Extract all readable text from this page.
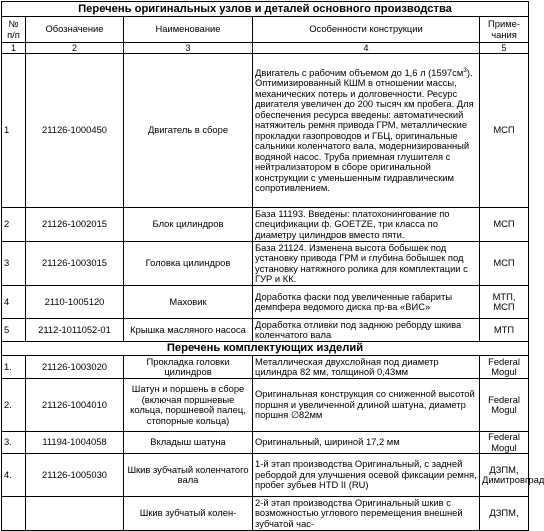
Перечень оригинальных узлов и деталей основного производства				
№ п/п	Обозначение	Наименование	Особенности конструкции	Приме-чания
1	2	3	4	5
1	21126-1000450	Двигатель в сборе	Двигатель с рабочим объемом до 1,6 л $(1597см^3)$. Оптимизированный КШМ в отношении массы, механических потерь и долговечности. Ресурс двигателя увеличен до 200 тысяч км пробега. Для обеспечения ресурса введены: автоматический натяжитель ремня привода ГРМ, металлические прокладки газопроводов и ГБЦ, оригинальные сальники коленчатого вала, модернизированный водяной насос. Труба приемная глушителя с нейтрализатором в сборе оригинальной конструкции с уменьшенным гидравлическим сопротивлением.	МСП
2	21126-1002015	Блок цилиндров	База 11193. Введены: платохонингование по спецификации ф. GOETZE, три класса по диаметру цилиндров вместо пяти.	МСП
3	21126-1003015	Головка цилиндров	База 21124. Изменена высота бобышек под установку привода ГРМ и глубина бобышек под установку натяжного ролика для комплектации с ГУР и КК.	МСП
4	2110-1005120	Маховик	Доработка фаски под увеличенные габариты демпфера ведомого диска пр-ва «ВИС»	МТП, МСП
5	2112-1011052-01	Крышка масляного насоса	Доработка отливки под заднюю реборду шкива коленчатого вала	МТП
Перечень комплектующих изделий				
1.	21126-1003020	Прокладка головки цилиндров	Металлическая двухслойная под диаметр цилиндра 82 мм, толщиной 0,43мм	Federal Mogul
2.	21126-1004010	Шатун и поршень в сборе (включая поршневые кольца, поршневой палец, стопорные кольца)	Оригинальная конструкция со сниженной высотой поршня и увеличенной длиной шатуна, диаметр поршня ∅82мм	Federal Mogul
3.	11194-1004058	Вкладыш шатуна	Оригинальный, шириной 17,2 мм	Federal Mogul
4.	21126-1005030	Шкив зубчатый коленчатого вала	1-й этап производства Оригинальный, с задней ребордой для улучшения осевой фиксации ремня, пробег зубьев НТD II (RU)	ДЗПМ, Димитровград
		Шкив зубчатый колен-	2-й этап производства Оригинальный шкив с возможностью углового перемещения внешней зубчатой час-	ДЗПМ,
